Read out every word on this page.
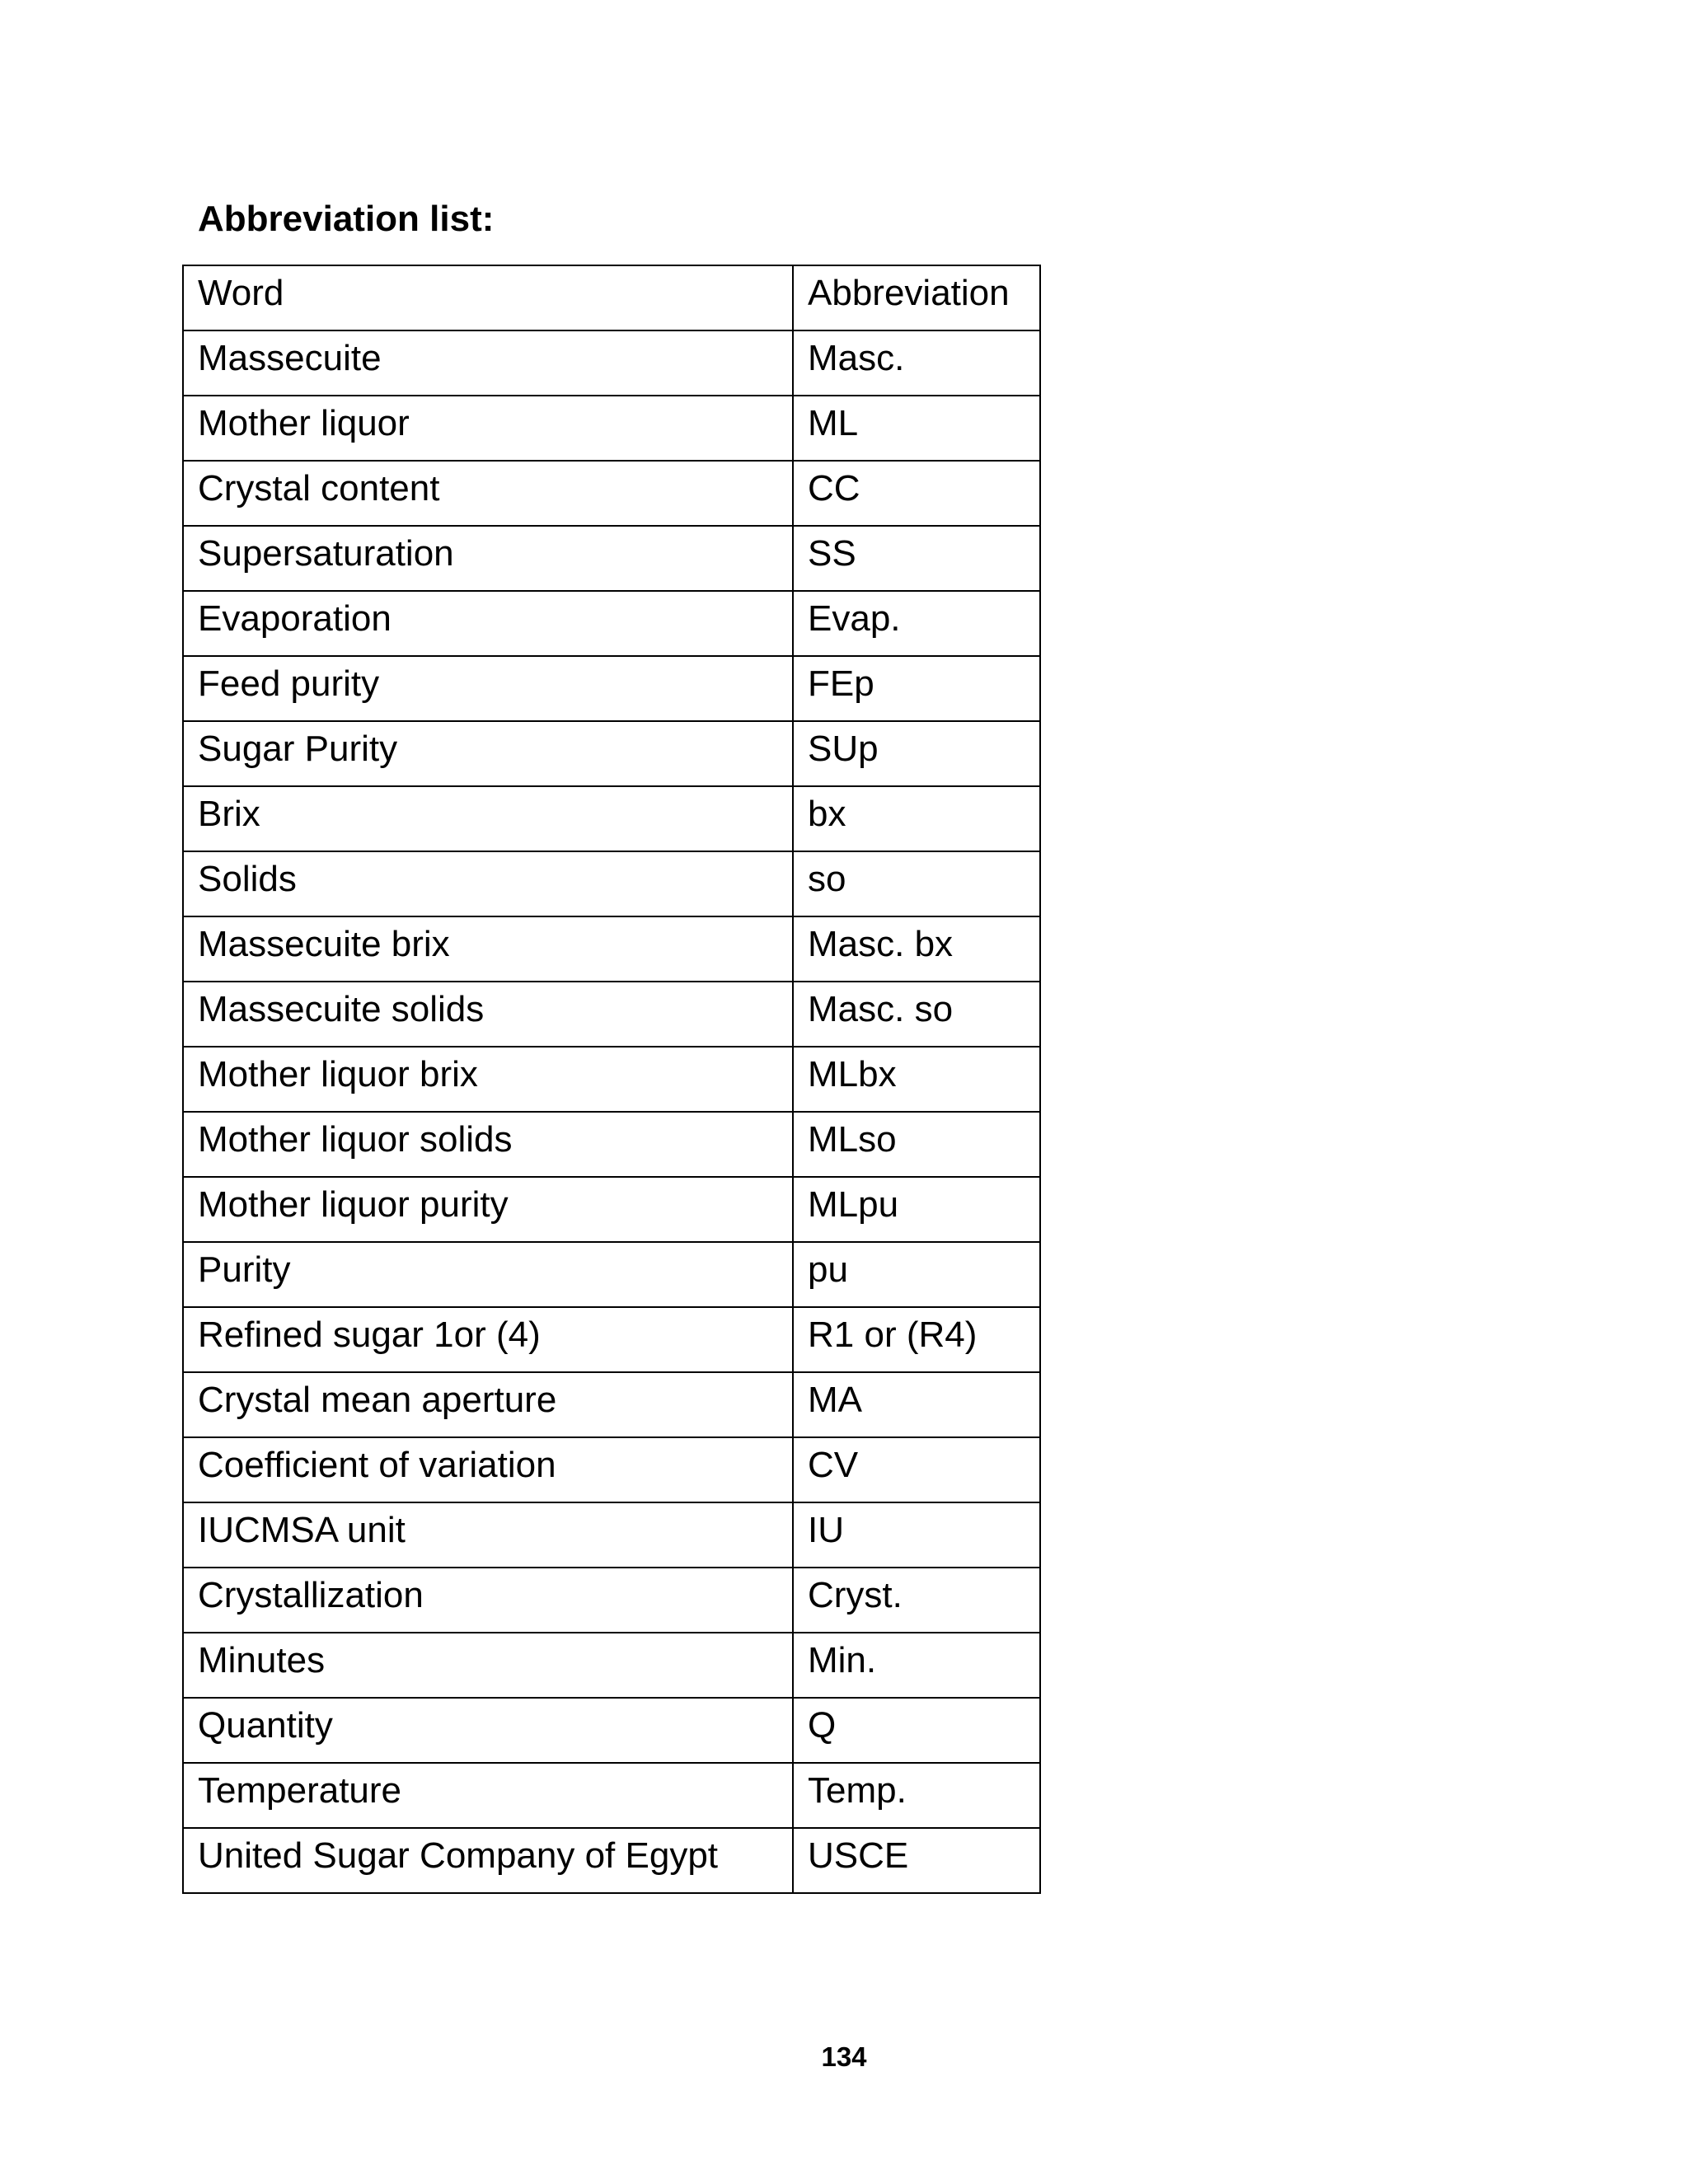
Abbreviation list:
Word	Abbreviation
Massecuite	Masc.
Mother liquor	ML
Crystal content	CC
Supersaturation	SS
Evaporation	Evap.
Feed purity	FEp
Sugar Purity	SUp
Brix	bx
Solids	so
Massecuite brix	Masc. bx
Massecuite solids	Masc. so
Mother liquor brix	MLbx
Mother liquor solids	MLso
Mother liquor purity	MLpu
Purity	pu
Refined sugar 1or (4)	R1 or (R4)
Crystal mean aperture	MA
Coefficient of variation	CV
IUCMSA unit	IU
Crystallization	Cryst.
Minutes	Min.
Quantity	Q
Temperature	Temp.
United Sugar Company of Egypt	USCE
134
